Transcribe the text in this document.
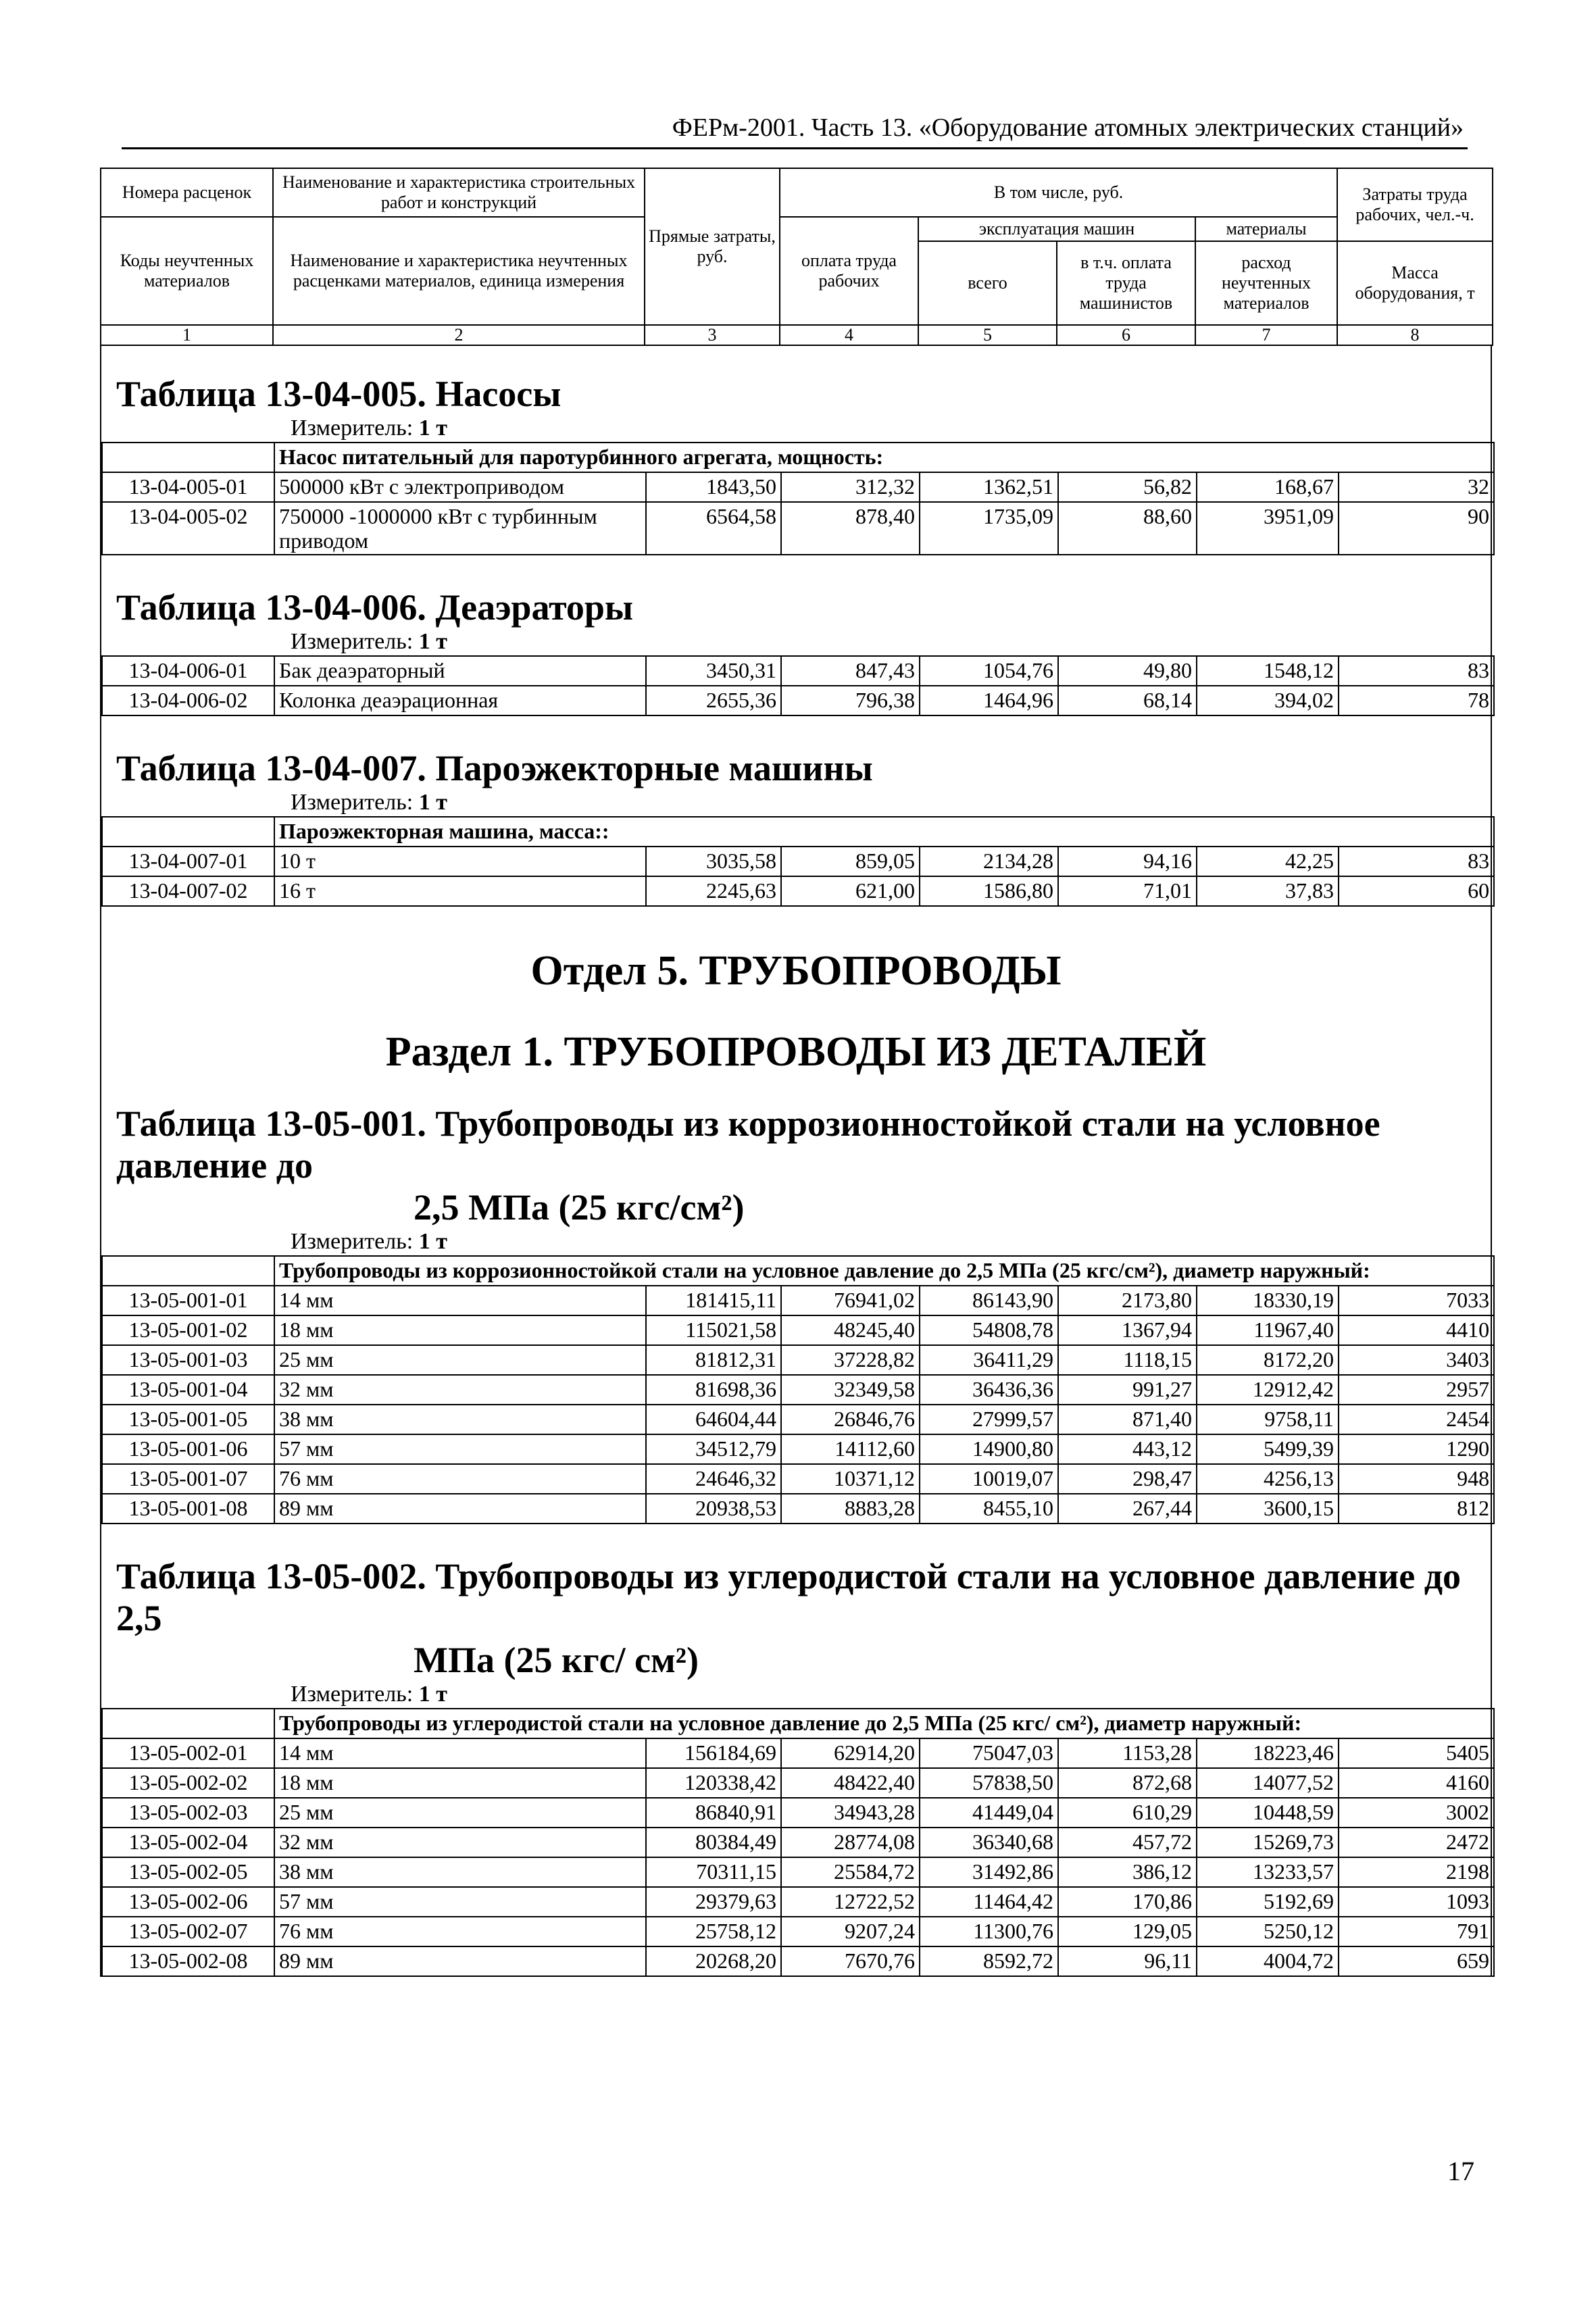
ФЕРм-2001. Часть 13. «Оборудование атомных электрических станций»
Номера расценок	Наименование и характеристика строительных работ и конструкций	Прямые затраты, руб.	В том числе, руб.				Затраты труда рабочих, чел.-ч.
Коды неучтенных материалов	Наименование и характеристика неучтенных расценками материалов, единица измерения		оплата труда рабочих	эксплуатация машин		материалы	
				всего	в т.ч. оплата труда машинистов	расход неучтенных материалов	Масса оборудования, т
1	2	3	4	5	6	7	8
Таблица 13-04-005. Насосы
Измеритель: 1 т
	Насос питательный для паротурбинного агрегата, мощность:						
13-04-005-01	500000 кВт с электроприводом	1843,50	312,32	1362,51	56,82	168,67	32
13-04-005-02	750000 -1000000 кВт с турбинным приводом	6564,58	878,40	1735,09	88,60	3951,09	90
Таблица 13-04-006. Деаэраторы
Измеритель: 1 т
13-04-006-01	Бак деаэраторный	3450,31	847,43	1054,76	49,80	1548,12	83
13-04-006-02	Колонка деаэрационная	2655,36	796,38	1464,96	68,14	394,02	78
Таблица 13-04-007. Пароэжекторные машины
Измеритель: 1 т
	Пароэжекторная машина, масса::						
13-04-007-01	10 т	3035,58	859,05	2134,28	94,16	42,25	83
13-04-007-02	16 т	2245,63	621,00	1586,80	71,01	37,83	60
Отдел 5. ТРУБОПРОВОДЫ
Раздел 1. ТРУБОПРОВОДЫ ИЗ ДЕТАЛЕЙ
Таблица 13-05-001. Трубопроводы из коррозионностойкой стали на условное давление до
2,5 МПа (25 кгс/см²)
Измеритель: 1 т
	Трубопроводы из коррозионностойкой стали на условное давление до 2,5 МПа (25 кгс/см²), диаметр наружный:						
13-05-001-01	14 мм	181415,11	76941,02	86143,90	2173,80	18330,19	7033
13-05-001-02	18 мм	115021,58	48245,40	54808,78	1367,94	11967,40	4410
13-05-001-03	25 мм	81812,31	37228,82	36411,29	1118,15	8172,20	3403
13-05-001-04	32 мм	81698,36	32349,58	36436,36	991,27	12912,42	2957
13-05-001-05	38 мм	64604,44	26846,76	27999,57	871,40	9758,11	2454
13-05-001-06	57 мм	34512,79	14112,60	14900,80	443,12	5499,39	1290
13-05-001-07	76 мм	24646,32	10371,12	10019,07	298,47	4256,13	948
13-05-001-08	89 мм	20938,53	8883,28	8455,10	267,44	3600,15	812
Таблица 13-05-002. Трубопроводы из углеродистой стали на условное давление до 2,5
МПа (25 кгс/ см²)
Измеритель: 1 т
	Трубопроводы из углеродистой стали на условное давление до 2,5 МПа (25 кгс/ см²), диаметр наружный:						
13-05-002-01	14 мм	156184,69	62914,20	75047,03	1153,28	18223,46	5405
13-05-002-02	18 мм	120338,42	48422,40	57838,50	872,68	14077,52	4160
13-05-002-03	25 мм	86840,91	34943,28	41449,04	610,29	10448,59	3002
13-05-002-04	32 мм	80384,49	28774,08	36340,68	457,72	15269,73	2472
13-05-002-05	38 мм	70311,15	25584,72	31492,86	386,12	13233,57	2198
13-05-002-06	57 мм	29379,63	12722,52	11464,42	170,86	5192,69	1093
13-05-002-07	76 мм	25758,12	9207,24	11300,76	129,05	5250,12	791
13-05-002-08	89 мм	20268,20	7670,76	8592,72	96,11	4004,72	659
17
